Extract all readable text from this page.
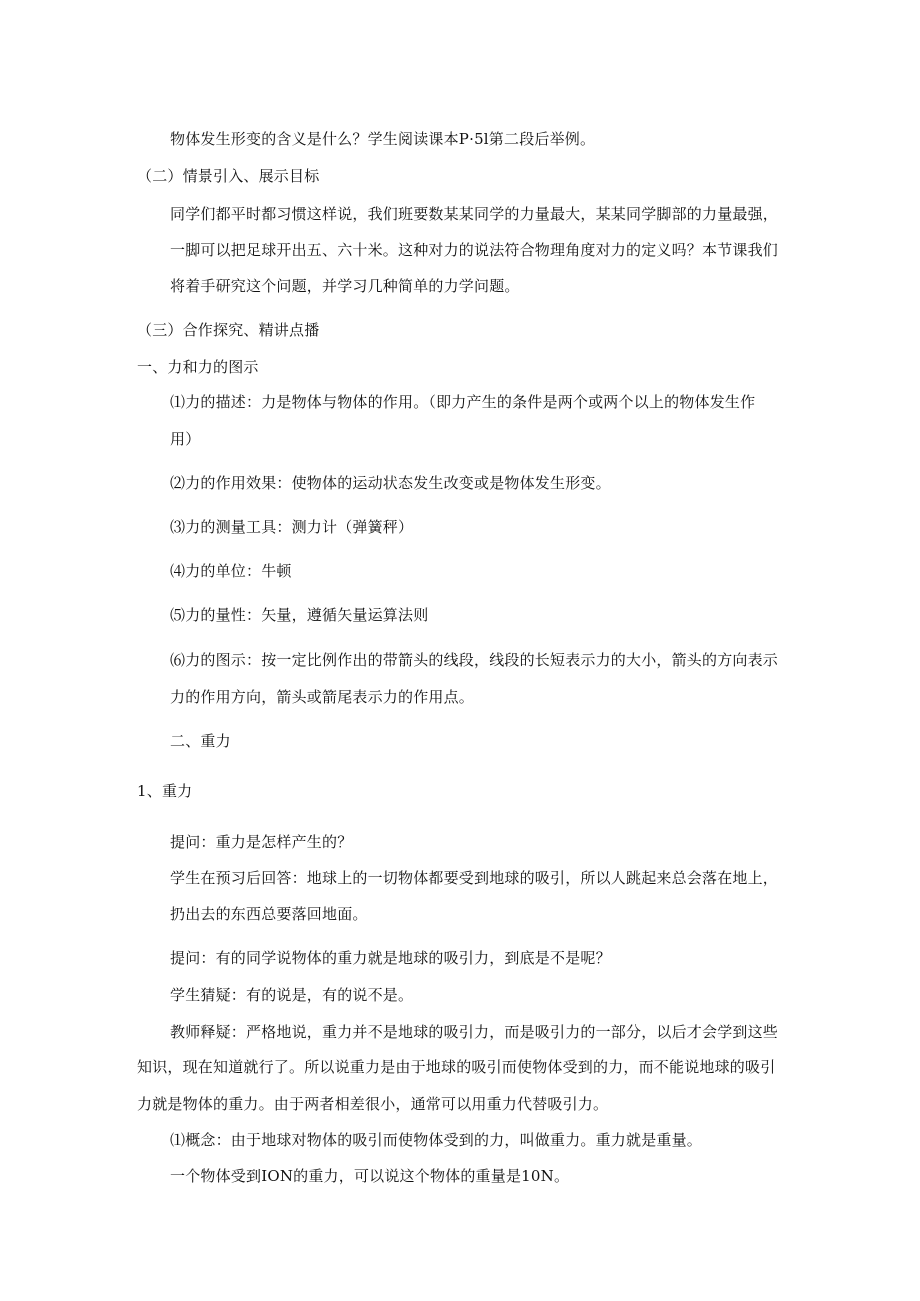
物体发生形变的含义是什么？学生阅读课本P·5l第二段后举例。
（二）情景引入、展示目标
同学们都平时都习惯这样说，我们班要数某某同学的力量最大，某某同学脚部的力量最强，
一脚可以把足球开出五、六十米。这种对力的说法符合物理角度对力的定义吗？本节课我们
将着手研究这个问题，并学习几种简单的力学问题。
（三）合作探究、精讲点播
一、力和力的图示
⑴力的描述：力是物体与物体的作用。（即力产生的条件是两个或两个以上的物体发生作
用）
⑵力的作用效果：使物体的运动状态发生改变或是物体发生形变。
⑶力的测量工具：测力计（弹簧秤）
⑷力的单位：牛顿
⑸力的量性：矢量，遵循矢量运算法则
⑹力的图示：按一定比例作出的带箭头的线段，线段的长短表示力的大小，箭头的方向表示
力的作用方向，箭头或箭尾表示力的作用点。
二、重力
1、重力
提问：重力是怎样产生的？
学生在预习后回答：地球上的一切物体都要受到地球的吸引，所以人跳起来总会落在地上，
扔出去的东西总要落回地面。
提问：有的同学说物体的重力就是地球的吸引力，到底是不是呢？
学生猜疑：有的说是，有的说不是。
教师释疑：严格地说，重力并不是地球的吸引力，而是吸引力的一部分，以后才会学到这些
知识，现在知道就行了。所以说重力是由于地球的吸引而使物体受到的力，而不能说地球的吸引
力就是物体的重力。由于两者相差很小，通常可以用重力代替吸引力。
⑴概念：由于地球对物体的吸引而使物体受到的力，叫做重力。重力就是重量。
一个物体受到ION的重力，可以说这个物体的重量是10N。
